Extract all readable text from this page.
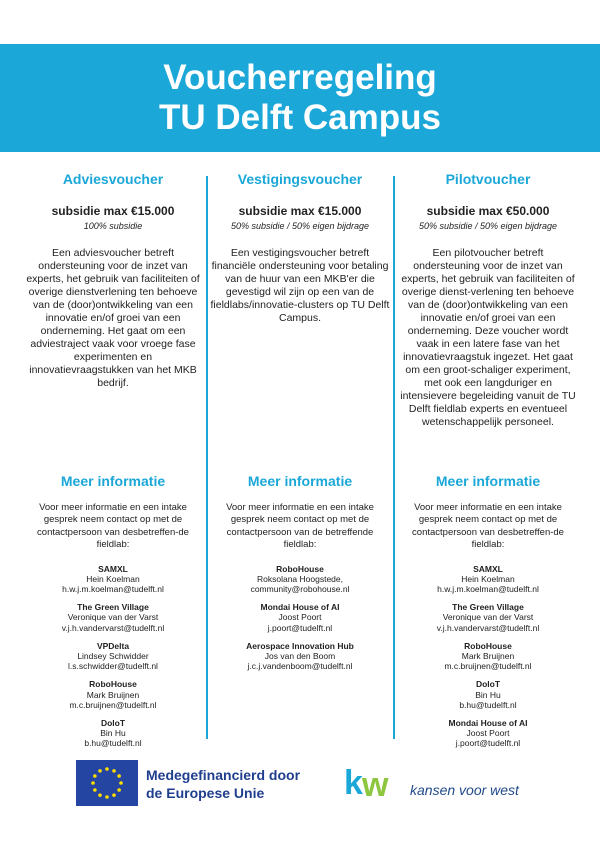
Voucherregeling
TU Delft Campus
Adviesvoucher
subsidie max €15.000
100% subsidie
Een adviesvoucher betreft ondersteuning voor de inzet van experts, het gebruik van faciliteiten of overige dienstverlening ten behoeve van de (door)ontwikkeling van een innovatie en/of groei van een onderneming. Het gaat om een adviestraject vaak voor vroege fase experimenten en innovatievraagstukken van het MKB bedrijf.
Vestigingsvoucher
subsidie max €15.000
50% subsidie / 50% eigen bijdrage
Een vestigingsvoucher betreft financiële ondersteuning voor betaling van de huur van een MKB'er die gevestigd wil zijn op een van de fieldlabs/innovatie-clusters op TU Delft Campus.
Pilotvoucher
subsidie max €50.000
50% subsidie / 50% eigen bijdrage
Een pilotvoucher betreft ondersteuning voor de inzet van experts, het gebruik van faciliteiten of overige dienst-verlening ten behoeve van de (door)ontwikkeling van een innovatie en/of groei van een onderneming. Deze voucher wordt vaak in een latere fase van het innovatievraagstuk ingezet. Het gaat om een groot-schaliger experiment, met ook een langduriger en intensievere begeleiding vanuit de TU Delft fieldlab experts en eventueel wetenschappelijk personeel.
Meer informatie
Voor meer informatie en een intake gesprek neem contact op met de contactpersoon van desbetreffen-de fieldlab:
SAMXL
Hein Koelman
h.w.j.m.koelman@tudelft.nl
The Green Village
Veronique van der Varst
v.j.h.vandervarst@tudelft.nl
VPDelta
Lindsey Schwidder
l.s.schwidder@tudelft.nl
RoboHouse
Mark Bruijnen
m.c.bruijnen@tudelft.nl
DoloT
Bin Hu
b.hu@tudelft.nl
Meer informatie
Voor meer informatie en een intake gesprek neem contact op met de contactpersoon van de betreffende fieldlab:
RoboHouse
Roksolana Hoogstede,
community@robohouse.nl
Mondai House of AI
Joost Poort
j.poort@tudelft.nl
Aerospace Innovation Hub
Jos van den Boom
j.c.j.vandenboom@tudelft.nl
Meer informatie
Voor meer informatie en een intake gesprek neem contact op met de contactpersoon van desbetreffen-de fieldlab:
SAMXL
Hein Koelman
h.w.j.m.koelman@tudelft.nl
The Green Village
Veronique van der Varst
v.j.h.vandervarst@tudelft.nl
RoboHouse
Mark Bruijnen
m.c.bruijnen@tudelft.nl
DoloT
Bin Hu
b.hu@tudelft.nl
Mondai House of AI
Joost Poort
j.poort@tudelft.nl
Medegefinancierd door
de Europese Unie	k w kansen voor west
